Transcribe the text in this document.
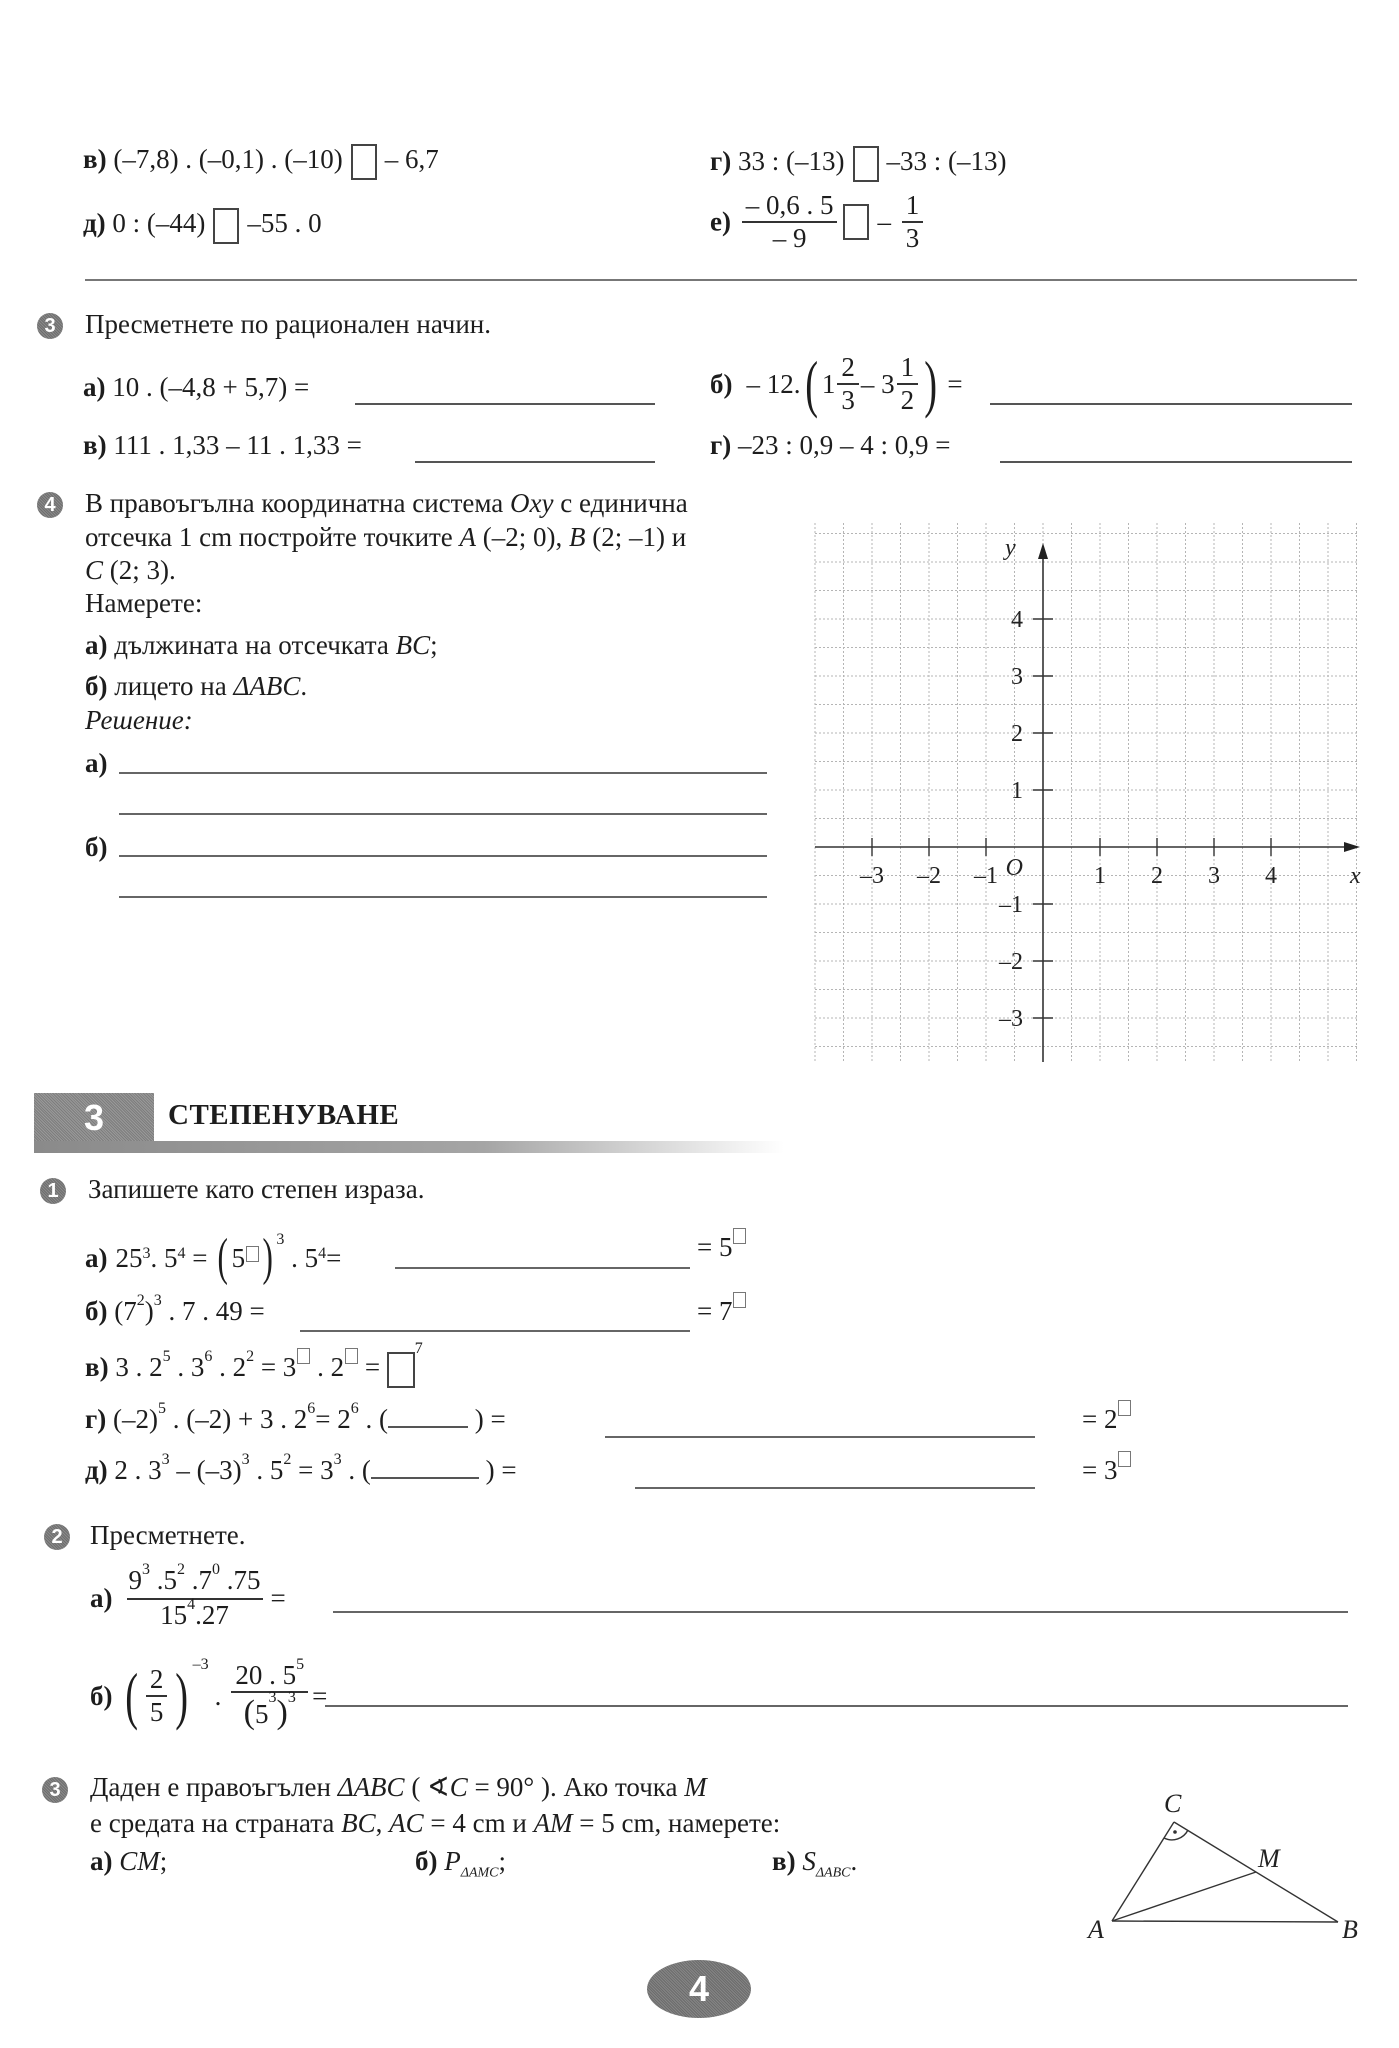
в) (–7,8) . (–0,1) . (–10) – 6,7	г) 33 : (–13) –33 : (–13)
д) 0 : (–44) –55 . 0	$е) \frac{- 0,6 . 5}{- 9} - \frac{1}{3}$
3 Пресметнете по рационален начин.
а) 10 . (–4,8 + 5,7) =	б) – 12. ( $1 \frac{2}{3} - 3 \frac{1}{2}$ ) =
в) 111 . 1,33 – 11 . 1,33 =	г) –23 : 0,9 – 4 : 0,9 =
4 В правоъгълна координатна система Oxy с единична
отсечка 1 cm постройте точките A (–2; 0), B (2; –1) и
C (2; 3).
Намерете:
а) дължината на отсечката BC;
б) лицето на ΔABC.
Решение:
а)
б)
–3 –2 –1	1 2 3 4
4
3
2
1
–1
–2
–3
O	x
y
3	СТЕПЕНУВАНЕ
1 Запишете като степен израза.
а) $25^3$ . $5^4$ = ( 5 )$^3$
. $5^4$ =	= 5
б) $(7^2)^3$ . 7 . 49 =	= 7
в) 3 . $2^5$ . $3^6$ . $2^2 = 3$ . 2 = $^7$
г) $(-2)^5$ . (–2) + 3 . $2^6= 2^6$ . (	) =	= 2
д) 2 . $3^3 - (-3)^3$ . $5^2 = 3^3$ . (	) =	= 3
2 Пресметнете.
$а) \frac{9^3 .5^2 .7^0 .75}{15^4.27}$ =
б) ( $\frac{2}{5}$ ) $^{-3}$
. $\frac{20 . 5^5}{(5^3)^3}$ =
3 Даден е правоъгълен ΔABC ( ∢C = 90° ). Ако точка M
е средата на страната BC, AC = 4 cm и AM = 5 cm, намерете:
а) CM;	б) $P_{\Delta AMC}$;	в) $S_{\Delta ABC}$.
C
M
A	B
4
